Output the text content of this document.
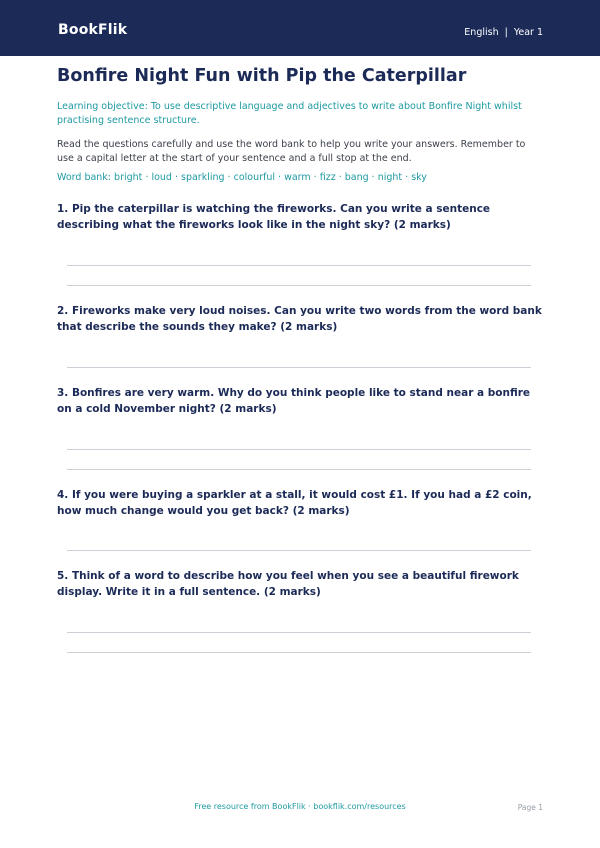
BookFlik	English | Year 1
Bonfire Night Fun with Pip the Caterpillar
Learning objective: To use descriptive language and adjectives to write about Bonfire Night whilst practising sentence structure.
Read the questions carefully and use the word bank to help you write your answers. Remember to use a capital letter at the start of your sentence and a full stop at the end.
Word bank: bright · loud · sparkling · colourful · warm · fizz · bang · night · sky
1. Pip the caterpillar is watching the fireworks. Can you write a sentence describing what the fireworks look like in the night sky? (2 marks)
2. Fireworks make very loud noises. Can you write two words from the word bank that describe the sounds they make? (2 marks)
3. Bonfires are very warm. Why do you think people like to stand near a bonfire on a cold November night? (2 marks)
4. If you were buying a sparkler at a stall, it would cost £1. If you had a £2 coin, how much change would you get back? (2 marks)
5. Think of a word to describe how you feel when you see a beautiful firework display. Write it in a full sentence. (2 marks)
Free resource from BookFlik · bookflik.com/resources	Page 1
